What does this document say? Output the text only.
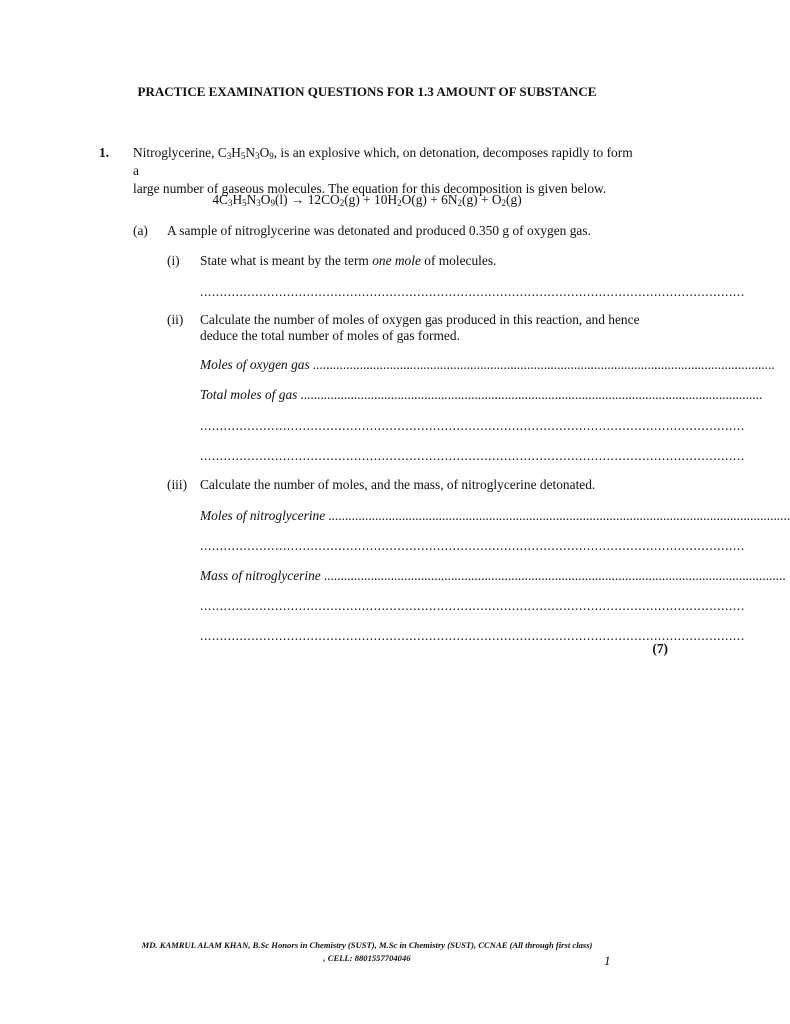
PRACTICE EXAMINATION QUESTIONS FOR 1.3 AMOUNT OF SUBSTANCE
1. Nitroglycerine, $C_3H_5N_3O_9$, is an explosive which, on detonation, decomposes rapidly to form a
large number of gaseous molecules. The equation for this decomposition is given below.
$4C_3H_5N_3O_9(l) \to 12CO_2(g) + 10H_2O(g) + 6N_2(g) + O_2(g)$
(a) A sample of nitroglycerine was detonated and produced 0.350 g of oxygen gas.
(i) State what is meant by the term one mole of molecules.
..........................................................................................................................................
(ii) Calculate the number of moles of oxygen gas produced in this reaction, and hence
deduce the total number of moles of gas formed.
Moles of oxygen gas ..........................................................................................................................................
Total moles of gas ..........................................................................................................................................
..........................................................................................................................................
..........................................................................................................................................
(iii) Calculate the number of moles, and the mass, of nitroglycerine detonated.
Moles of nitroglycerine ..........................................................................................................................................
..........................................................................................................................................
Mass of nitroglycerine ..........................................................................................................................................
..........................................................................................................................................
..........................................................................................................................................
(7)
MD. KAMRUL ALAM KHAN, B.Sc Honors in Chemistry (SUST), M.Sc in Chemistry (SUST), CCNAE (All through first class)
, CELL: 8801557704046	1
